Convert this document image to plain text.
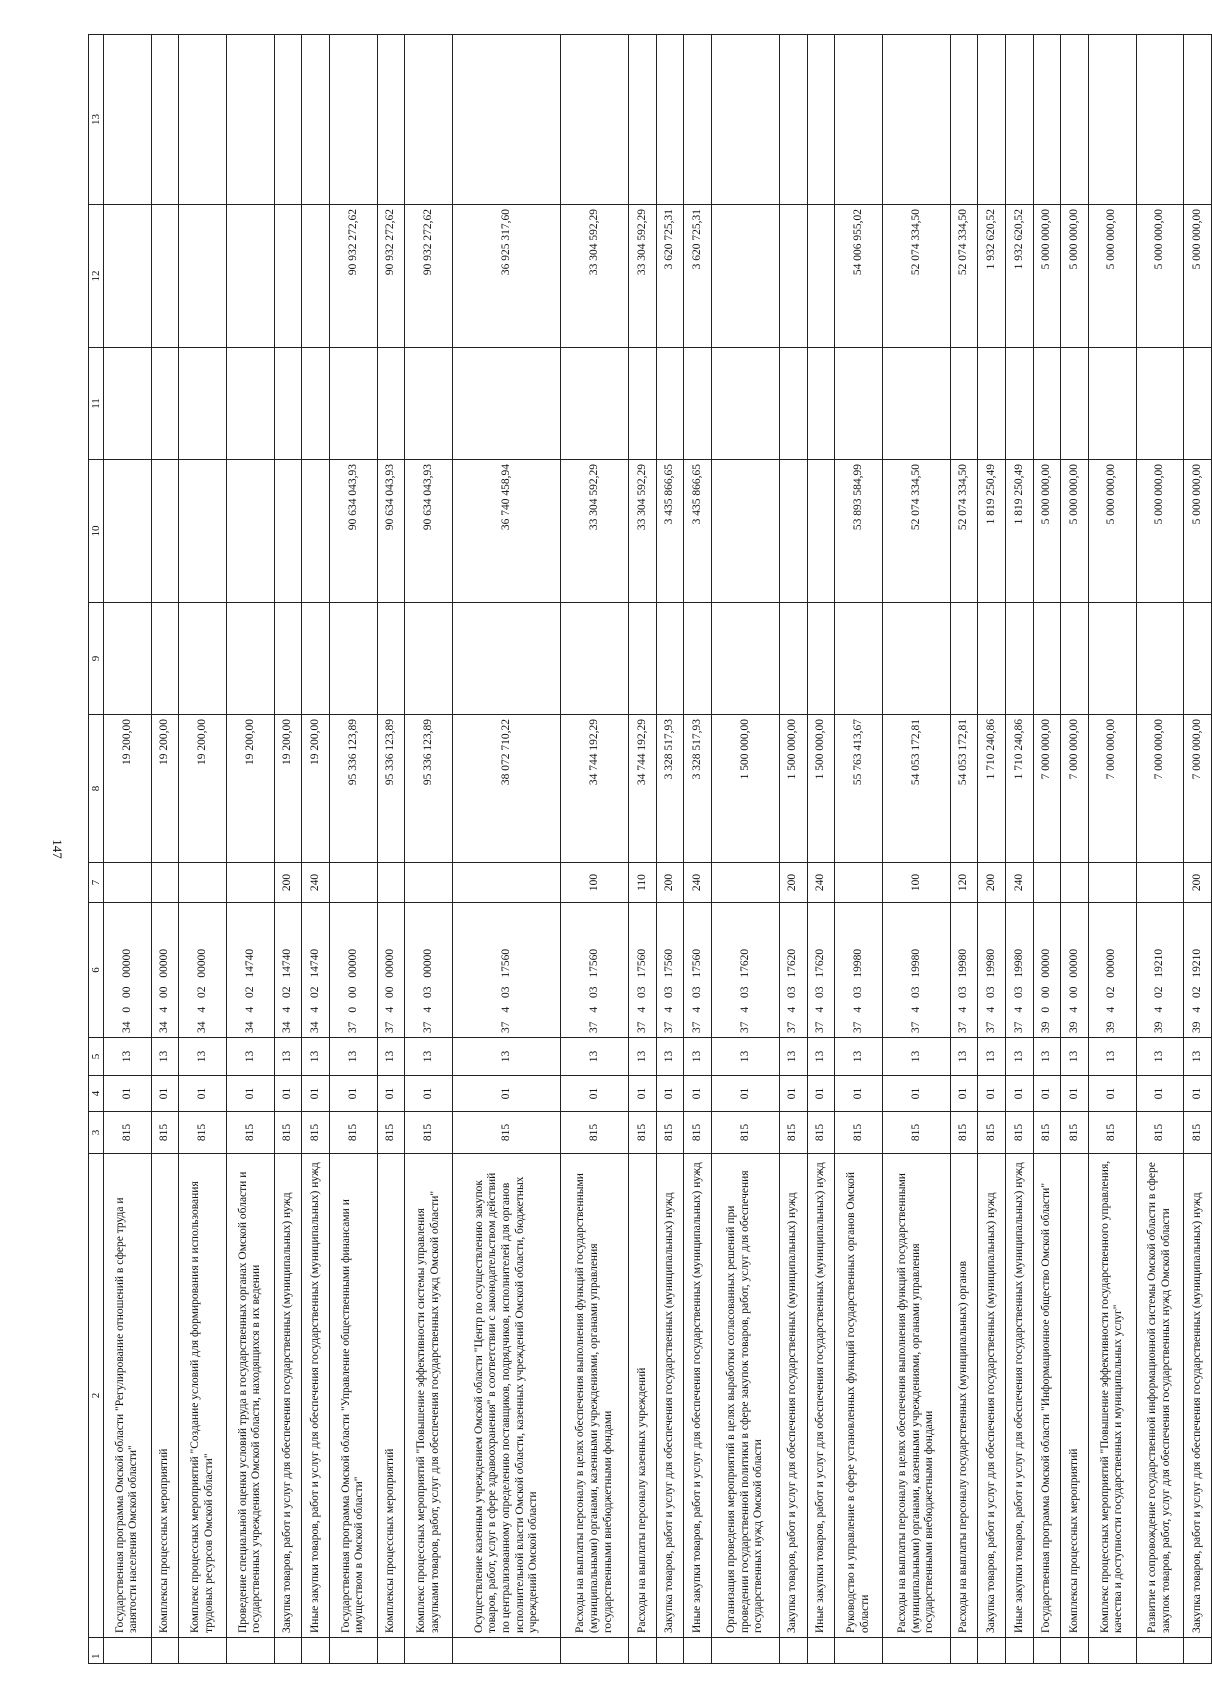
147
1	2	3	4	5	6	7	8	9	10	11	12	13
	Государственная программа Омской области "Регулирование отношений в сфере труда и занятости населения Омской области"	815	01	13	34 0 00 00000		19 200,00					
	Комплексы процессных мероприятий	815	01	13	34 4 00 00000		19 200,00					
	Комплекс процессных мероприятий "Создание условий для формирования и использования трудовых ресурсов Омской области"	815	01	13	34 4 02 00000		19 200,00					
	Проведение специальной оценки условий труда в государственных органах Омской области и государственных учреждениях Омской области, находящихся в их ведении	815	01	13	34 4 02 14740		19 200,00					
	Закупка товаров, работ и услуг для обеспечения государственных (муниципальных) нужд	815	01	13	34 4 02 14740	200	19 200,00					
	Иные закупки товаров, работ и услуг для обеспечения государственных (муниципальных) нужд	815	01	13	34 4 02 14740	240	19 200,00					
	Государственная программа Омской области "Управление общественными финансами и имуществом в Омской области"	815	01	13	37 0 00 00000		95 336 123,89		90 634 043,93		90 932 272,62	
	Комплексы процессных мероприятий	815	01	13	37 4 00 00000		95 336 123,89		90 634 043,93		90 932 272,62	
	Комплекс процессных мероприятий "Повышение эффективности системы управления закупками товаров, работ, услуг для обеспечения государственных нужд Омской области"	815	01	13	37 4 03 00000		95 336 123,89		90 634 043,93		90 932 272,62	
	Осуществление казенным учреждением Омской области "Центр по осуществлению закупок товаров, работ, услуг в сфере здравоохранения" в соответствии с законодательством действий по централизованному определению поставщиков, подрядчиков, исполнителей для органов исполнительной власти Омской области, казенных учреждений Омской области, бюджетных учреждений Омской области	815	01	13	37 4 03 17560		38 072 710,22		36 740 458,94		36 925 317,60	
	Расходы на выплаты персоналу в целях обеспечения выполнения функций государственными (муниципальными) органами, казенными учреждениями, органами управления государственными внебюджетными фондами	815	01	13	37 4 03 17560	100	34 744 192,29		33 304 592,29		33 304 592,29	
	Расходы на выплаты персоналу казенных учреждений	815	01	13	37 4 03 17560	110	34 744 192,29		33 304 592,29		33 304 592,29	
	Закупка товаров, работ и услуг для обеспечения государственных (муниципальных) нужд	815	01	13	37 4 03 17560	200	3 328 517,93		3 435 866,65		3 620 725,31	
	Иные закупки товаров, работ и услуг для обеспечения государственных (муниципальных) нужд	815	01	13	37 4 03 17560	240	3 328 517,93		3 435 866,65		3 620 725,31	
	Организация проведения мероприятий в целях выработки согласованных решений при проведении государственной политики в сфере закупок товаров, работ, услуг для обеспечения государственных нужд Омской области	815	01	13	37 4 03 17620		1 500 000,00					
	Закупка товаров, работ и услуг для обеспечения государственных (муниципальных) нужд	815	01	13	37 4 03 17620	200	1 500 000,00					
	Иные закупки товаров, работ и услуг для обеспечения государственных (муниципальных) нужд	815	01	13	37 4 03 17620	240	1 500 000,00					
	Руководство и управление в сфере установленных функций государственных органов Омской области	815	01	13	37 4 03 19980		55 763 413,67		53 893 584,99		54 006 955,02	
	Расходы на выплаты персоналу в целях обеспечения выполнения функций государственными (муниципальными) органами, казенными учреждениями, органами управления государственными внебюджетными фондами	815	01	13	37 4 03 19980	100	54 053 172,81		52 074 334,50		52 074 334,50	
	Расходы на выплаты персоналу государственных (муниципальных) органов	815	01	13	37 4 03 19980	120	54 053 172,81		52 074 334,50		52 074 334,50	
	Закупка товаров, работ и услуг для обеспечения государственных (муниципальных) нужд	815	01	13	37 4 03 19980	200	1 710 240,86		1 819 250,49		1 932 620,52	
	Иные закупки товаров, работ и услуг для обеспечения государственных (муниципальных) нужд	815	01	13	37 4 03 19980	240	1 710 240,86		1 819 250,49		1 932 620,52	
	Государственная программа Омской области "Информационное общество Омской области"	815	01	13	39 0 00 00000		7 000 000,00		5 000 000,00		5 000 000,00	
	Комплексы процессных мероприятий	815	01	13	39 4 00 00000		7 000 000,00		5 000 000,00		5 000 000,00	
	Комплекс процессных мероприятий "Повышение эффективности государственного управления, качества и доступности государственных и муниципальных услуг"	815	01	13	39 4 02 00000		7 000 000,00		5 000 000,00		5 000 000,00	
	Развитие и сопровождение государственной информационной системы Омской области в сфере закупок товаров, работ, услуг для обеспечения государственных нужд Омской области	815	01	13	39 4 02 19210		7 000 000,00		5 000 000,00		5 000 000,00	
	Закупка товаров, работ и услуг для обеспечения государственных (муниципальных) нужд	815	01	13	39 4 02 19210	200	7 000 000,00		5 000 000,00		5 000 000,00	
